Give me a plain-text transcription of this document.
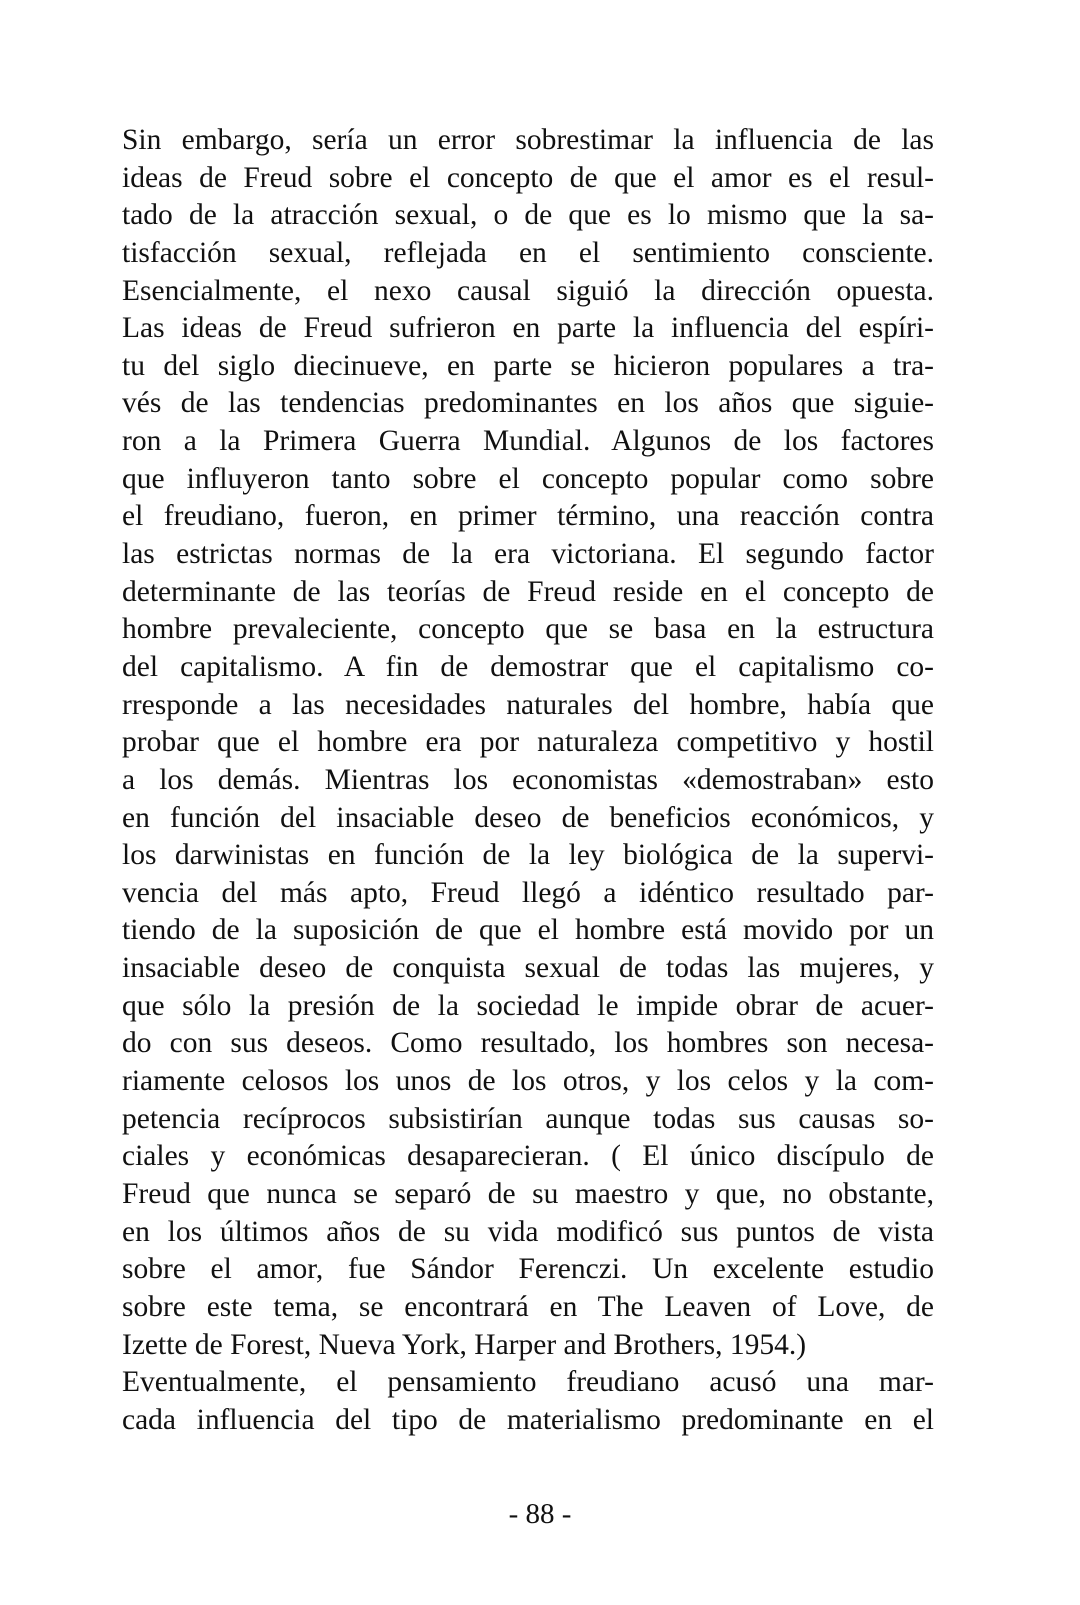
Sin embargo, sería un error sobrestimar la influencia de las
ideas de Freud sobre el concepto de que el amor es el resul-
tado de la atracción sexual, o de que es lo mismo que la sa-
tisfacción sexual, reflejada en el sentimiento consciente.
Esencialmente, el nexo causal siguió la dirección opuesta.
Las ideas de Freud sufrieron en parte la influencia del espíri-
tu del siglo diecinueve, en parte se hicieron populares a tra-
vés de las tendencias predominantes en los años que siguie-
ron a la Primera Guerra Mundial. Algunos de los factores
que influyeron tanto sobre el concepto popular como sobre
el freudiano, fueron, en primer término, una reacción contra
las estrictas normas de la era victoriana. El segundo factor
determinante de las teorías de Freud reside en el concepto de
hombre prevaleciente, concepto que se basa en la estructura
del capitalismo. A fin de demostrar que el capitalismo co-
rresponde a las necesidades naturales del hombre, había que
probar que el hombre era por naturaleza competitivo y hostil
a los demás. Mientras los economistas «demostraban» esto
en función del insaciable deseo de beneficios económicos, y
los darwinistas en función de la ley biológica de la supervi-
vencia del más apto, Freud llegó a idéntico resultado par-
tiendo de la suposición de que el hombre está movido por un
insaciable deseo de conquista sexual de todas las mujeres, y
que sólo la presión de la sociedad le impide obrar de acuer-
do con sus deseos. Como resultado, los hombres son necesa-
riamente celosos los unos de los otros, y los celos y la com-
petencia recíprocos subsistirían aunque todas sus causas so-
ciales y económicas desaparecieran. ( El único discípulo de
Freud que nunca se separó de su maestro y que, no obstante,
en los últimos años de su vida modificó sus puntos de vista
sobre el amor, fue Sándor Ferenczi. Un excelente estudio
sobre este tema, se encontrará en The Leaven of Love, de
Izette de Forest, Nueva York, Harper and Brothers, 1954.)
Eventualmente, el pensamiento freudiano acusó una mar-
cada influencia del tipo de materialismo predominante en el
- 88 -
